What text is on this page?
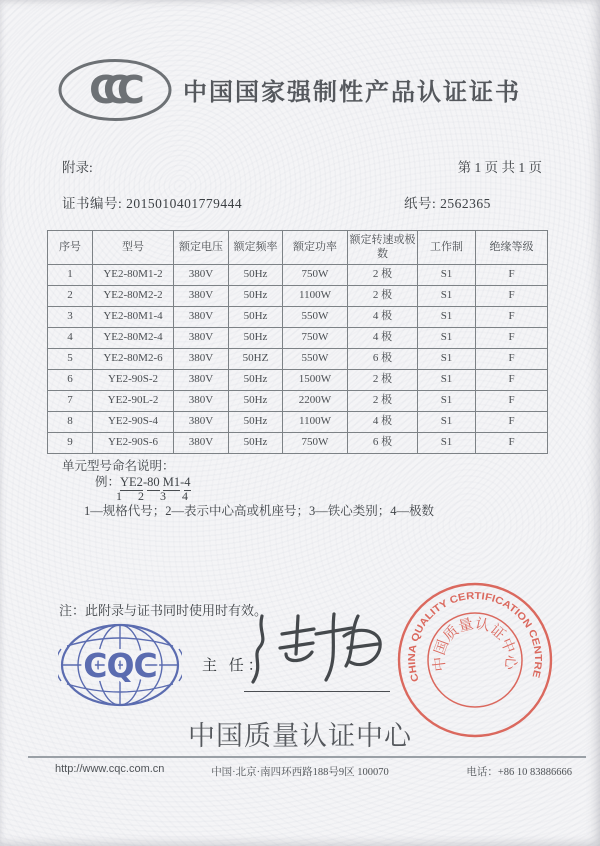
CCC	中国国家强制性产品认证证书
附录:	第 1 页 共 1 页
证书编号: 2015010401779444	纸号: 2562365
序号	型号	额定电压	额定频率	额定功率	额定转速或极数	工作制	绝缘等级
1	YE2-80M1-2	380V	50Hz	750W	2 极	S1	F
2	YE2-80M2-2	380V	50Hz	1100W	2 极	S1	F
3	YE2-80M1-4	380V	50Hz	550W	4 极	S1	F
4	YE2-80M2-4	380V	50Hz	750W	4 极	S1	F
5	YE2-80M2-6	380V	50HZ	550W	6 极	S1	F
6	YE2-90S-2	380V	50Hz	1500W	2 极	S1	F
7	YE2-90L-2	380V	50Hz	2200W	2 极	S1	F
8	YE2-90S-4	380V	50Hz	1100W	4 极	S1	F
9	YE2-90S-6	380V	50Hz	750W	6 极	S1	F
单元型号命名说明：
例：YE2-80 M1-4
1 2 3 4
1—规格代号；2—表示中心高或机座号；3—铁心类别；4—极数
注：此附录与证书同时使用时有效。
CQC	主 任：
CHINA QUALITY CERTIFICATION CENTRE
中国质量认证中心
中国质量认证中心
http://www.cqc.com.cn	中国·北京·南四环西路188号9区 100070	电话：+86 10 83886666
